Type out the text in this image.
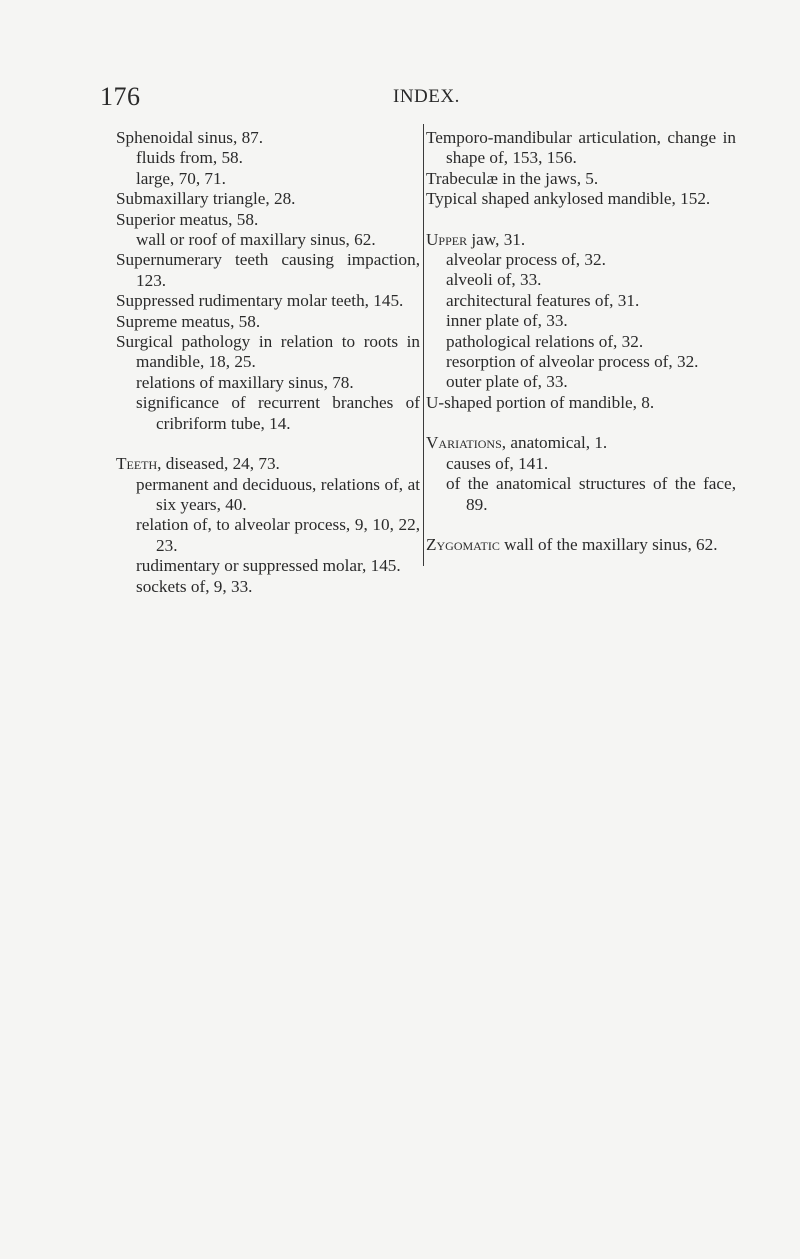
176	INDEX.

Sphenoidal sinus, 87.

fluids from, 58.

large, 70, 71.

Submaxillary triangle, 28.

Superior meatus, 58.

wall or roof of maxillary sinus, 62.

Supernumerary teeth causing impaction, 123.

Suppressed rudimentary molar teeth, 145.

Supreme meatus, 58.

Surgical pathology in relation to roots in mandible, 18, 25.

relations of maxillary sinus, 78.

significance of recurrent branches of cribriform tube, 14.

Teeth, diseased, 24, 73.

permanent and deciduous, relations of, at six years, 40.

relation of, to alveolar process, 9, 10, 22, 23.

rudimentary or suppressed molar, 145.

sockets of, 9, 33.

Temporo-mandibular articulation, change in shape of, 153, 156.

Trabeculæ in the jaws, 5.

Typical shaped ankylosed mandible, 152.

Upper jaw, 31.

alveolar process of, 32.

alveoli of, 33.

architectural features of, 31.

inner plate of, 33.

pathological relations of, 32.

resorption of alveolar process of, 32.

outer plate of, 33.

U-shaped portion of mandible, 8.

Variations, anatomical, 1.

causes of, 141.

of the anatomical structures of the face, 89.

Zygomatic wall of the maxillary sinus, 62.
